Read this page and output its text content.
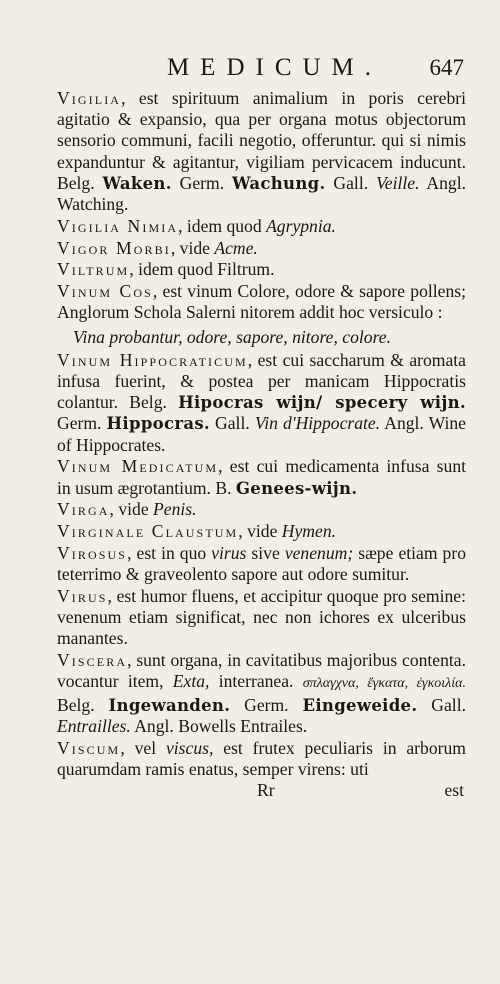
MEDICUM. 647

Vigilia, est spirituum animalium in poris cerebri agitatio & expansio, qua per organa motus objectorum sensorio communi, facili negotio, offeruntur. qui si nimis expanduntur & agitantur, vigiliam pervicacem inducunt. Belg. Waken. Germ. Wachung. Gall. Veille. Angl. Watching.

Vigilia Nimia, idem quod Agrypnia.

Vigor Morbi, vide Acme.

Viltrum, idem quod Filtrum.

Vinum Cos, est vinum Colore, odore & sapore pollens; Anglorum Schola Salerni nitorem addit hoc versiculo :

Vina probantur, odore, sapore, nitore, colore.

Vinum Hippocraticum, est cui saccharum & aromata infusa fuerint, & postea per manicam Hippocratis colantur. Belg. Hipocras wijn/ specery wijn. Germ. Hippocras. Gall. Vin d'Hippocrate. Angl. Wine of Hippocrates.

Vinum Medicatum, est cui medicamenta infusa sunt in usum ægrotantium. B. Genees-wijn.

Virga, vide Penis.

Virginale Claustum, vide Hymen.

Virosus, est in quo virus sive venenum; sæpe etiam pro teterrimo & graveolento sapore aut odore sumitur.

Virus, est humor fluens, et accipitur quoque pro semine: venenum etiam significat, nec non ichores ex ulceribus manantes.

Viscera, sunt organa, in cavitatibus majoribus contenta. vocantur item, Exta, interranea. σπλαγχνα, ἔγκατα, ἐγκοιλία. Belg. Ingewanden. Germ. Eingeweide. Gall. Entrailles. Angl. Bowells Entrailes.

Viscum, vel viscus, est frutex peculiaris in arborum quarumdam ramis enatus, semper virens: uti

Rr	est
